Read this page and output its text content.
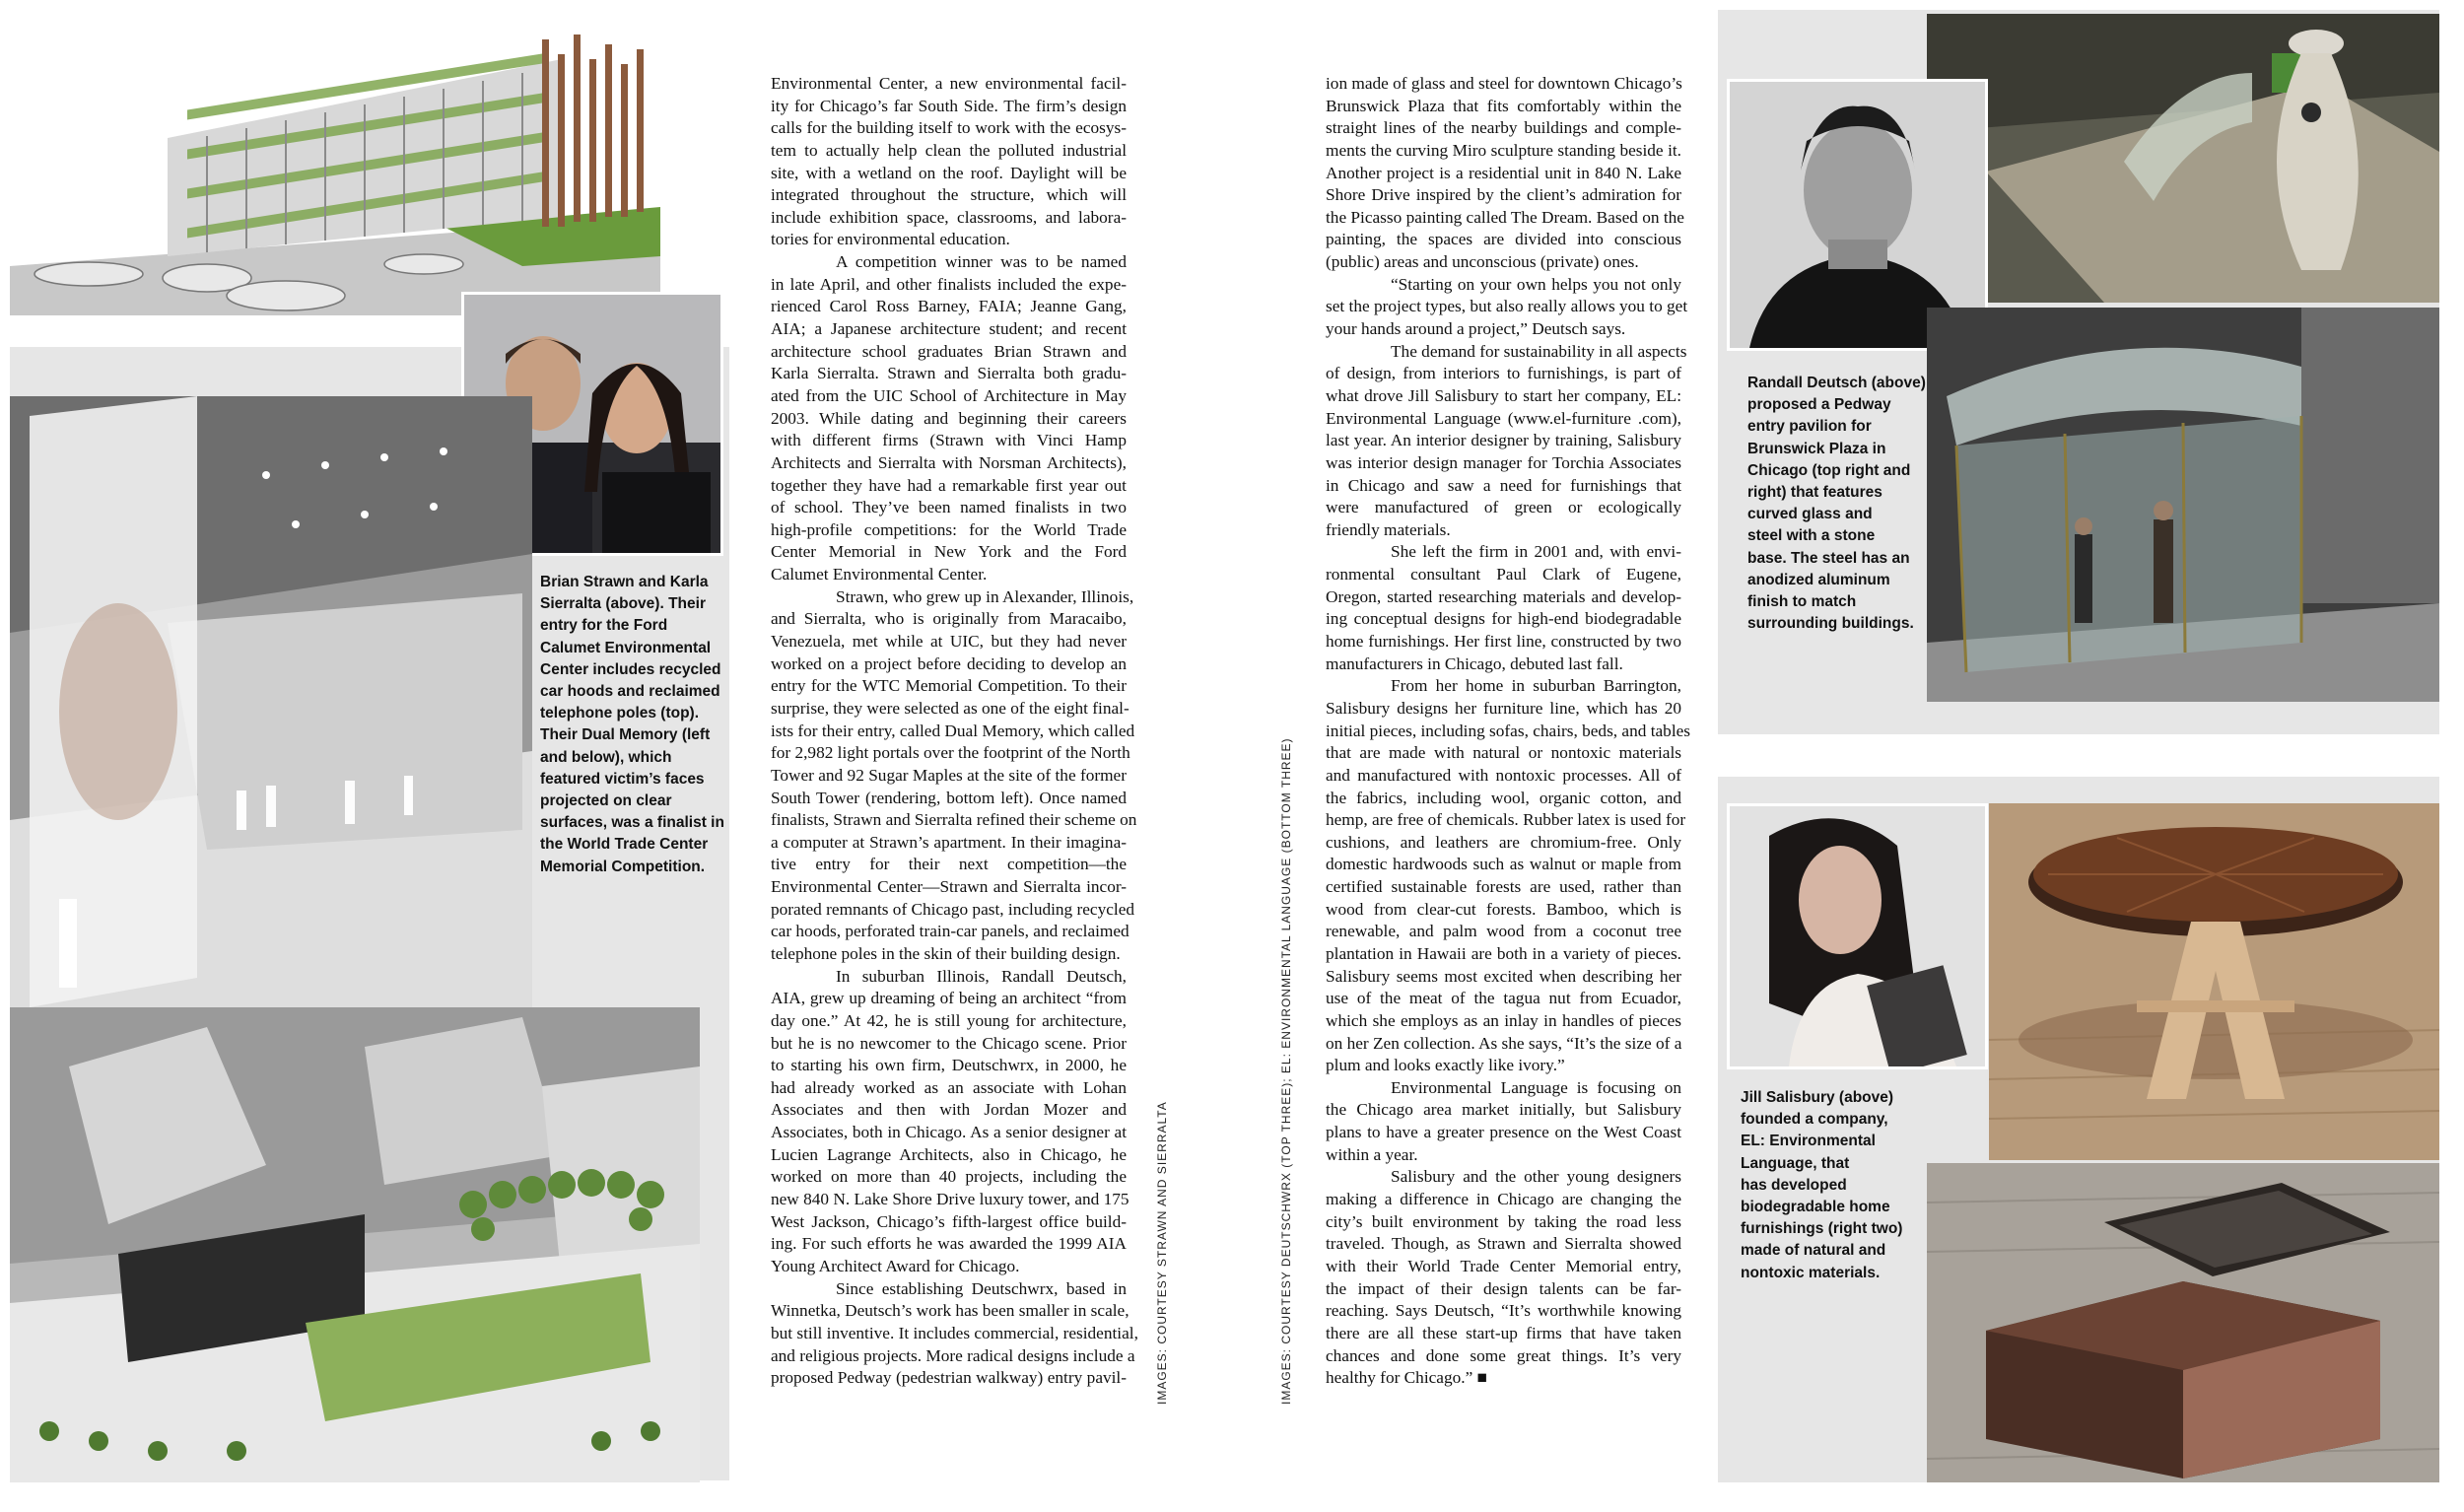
Brian Strawn and Karla
Sierralta (above). Their
entry for the Ford
Calumet Environmental
Center includes recycled
car hoods and reclaimed
telephone poles (top).
Their Dual Memory (left
and below), which
featured victim’s faces
projected on clear
surfaces, was a finalist in
the World Trade Center
Memorial Competition.
Environmental Center, a new environmental facil-
ity for Chicago’s far South Side. The firm’s design
calls for the building itself to work with the ecosys-
tem to actually help clean the polluted industrial
site, with a wetland on the roof. Daylight will be
integrated throughout the structure, which will
include exhibition space, classrooms, and labora-
tories for environmental education.
A competition winner was to be named
in late April, and other finalists included the expe-
rienced Carol Ross Barney, FAIA; Jeanne Gang,
AIA; a Japanese architecture student; and recent
architecture school graduates Brian Strawn and
Karla Sierralta. Strawn and Sierralta both gradu-
ated from the UIC School of Architecture in May
2003. While dating and beginning their careers
with different firms (Strawn with Vinci Hamp
Architects and Sierralta with Norsman Architects),
together they have had a remarkable first year out
of school. They’ve been named finalists in two
high-profile competitions: for the World Trade
Center Memorial in New York and the Ford
Calumet Environmental Center.
Strawn, who grew up in Alexander, Illinois,
and Sierralta, who is originally from Maracaibo,
Venezuela, met while at UIC, but they had never
worked on a project before deciding to develop an
entry for the WTC Memorial Competition. To their
surprise, they were selected as one of the eight final-
ists for their entry, called Dual Memory, which called
for 2,982 light portals over the footprint of the North
Tower and 92 Sugar Maples at the site of the former
South Tower (rendering, bottom left). Once named
finalists, Strawn and Sierralta refined their scheme on
a computer at Strawn’s apartment. In their imagina-
tive entry for their next competition—the
Environmental Center—Strawn and Sierralta incor-
porated remnants of Chicago past, including recycled
car hoods, perforated train-car panels, and reclaimed
telephone poles in the skin of their building design.
In suburban Illinois, Randall Deutsch,
AIA, grew up dreaming of being an architect “from
day one.” At 42, he is still young for architecture,
but he is no newcomer to the Chicago scene. Prior
to starting his own firm, Deutschwrx, in 2000, he
had already worked as an associate with Lohan
Associates and then with Jordan Mozer and
Associates, both in Chicago. As a senior designer at
Lucien Lagrange Architects, also in Chicago, he
worked on more than 40 projects, including the
new 840 N. Lake Shore Drive luxury tower, and 175
West Jackson, Chicago’s fifth-largest office build-
ing. For such efforts he was awarded the 1999 AIA
Young Architect Award for Chicago.
Since establishing Deutschwrx, based in
Winnetka, Deutsch’s work has been smaller in scale,
but still inventive. It includes commercial, residential,
and religious projects. More radical designs include a
proposed Pedway (pedestrian walkway) entry pavil- IMAGES: COURTESY STRAWN AND SIERRALTA	IMAGES: COURTESY DEUTSCHWRX (TOP THREE); EL: ENVIRONMENTAL LANGUAGE (BOTTOM THREE)
ion made of glass and steel for downtown Chicago’s
Brunswick Plaza that fits comfortably within the
straight lines of the nearby buildings and comple-
ments the curving Miro sculpture standing beside it.
Another project is a residential unit in 840 N. Lake
Shore Drive inspired by the client’s admiration for
the Picasso painting called The Dream. Based on the
painting, the spaces are divided into conscious
(public) areas and unconscious (private) ones.
“Starting on your own helps you not only
set the project types, but also really allows you to get
your hands around a project,” Deutsch says.
The demand for sustainability in all aspects
of design, from interiors to furnishings, is part of
what drove Jill Salisbury to start her company, EL:
Environmental Language (www.el-furniture .com),
last year. An interior designer by training, Salisbury
was interior design manager for Torchia Associates
in Chicago and saw a need for furnishings that
were manufactured of green or ecologically
friendly materials.
She left the firm in 2001 and, with envi-
ronmental consultant Paul Clark of Eugene,
Oregon, started researching materials and develop-
ing conceptual designs for high-end biodegradable
home furnishings. Her first line, constructed by two
manufacturers in Chicago, debuted last fall.
From her home in suburban Barrington,
Salisbury designs her furniture line, which has 20
initial pieces, including sofas, chairs, beds, and tables
that are made with natural or nontoxic materials
and manufactured with nontoxic processes. All of
the fabrics, including wool, organic cotton, and
hemp, are free of chemicals. Rubber latex is used for
cushions, and leathers are chromium-free. Only
domestic hardwoods such as walnut or maple from
certified sustainable forests are used, rather than
wood from clear-cut forests. Bamboo, which is
renewable, and palm wood from a coconut tree
plantation in Hawaii are both in a variety of pieces.
Salisbury seems most excited when describing her
use of the meat of the tagua nut from Ecuador,
which she employs as an inlay in handles of pieces
on her Zen collection. As she says, “It’s the size of a
plum and looks exactly like ivory.”
Environmental Language is focusing on
the Chicago area market initially, but Salisbury
plans to have a greater presence on the West Coast
within a year.
Salisbury and the other young designers
making a difference in Chicago are changing the
city’s built environment by taking the road less
traveled. Though, as Strawn and Sierralta showed
with their World Trade Center Memorial entry,
the impact of their design talents can be far-
reaching. Says Deutsch, “It’s worthwhile knowing
there are all these start-up firms that have taken
chances and done some great things. It’s very
healthy for Chicago.” ■
Randall Deutsch (above)
proposed a Pedway
entry pavilion for
Brunswick Plaza in
Chicago (top right and
right) that features
curved glass and
steel with a stone
base. The steel has an
anodized aluminum
finish to match
surrounding buildings.
Jill Salisbury (above)
founded a company,
EL: Environmental
Language, that
has developed
biodegradable home
furnishings (right two)
made of natural and
nontoxic materials.
